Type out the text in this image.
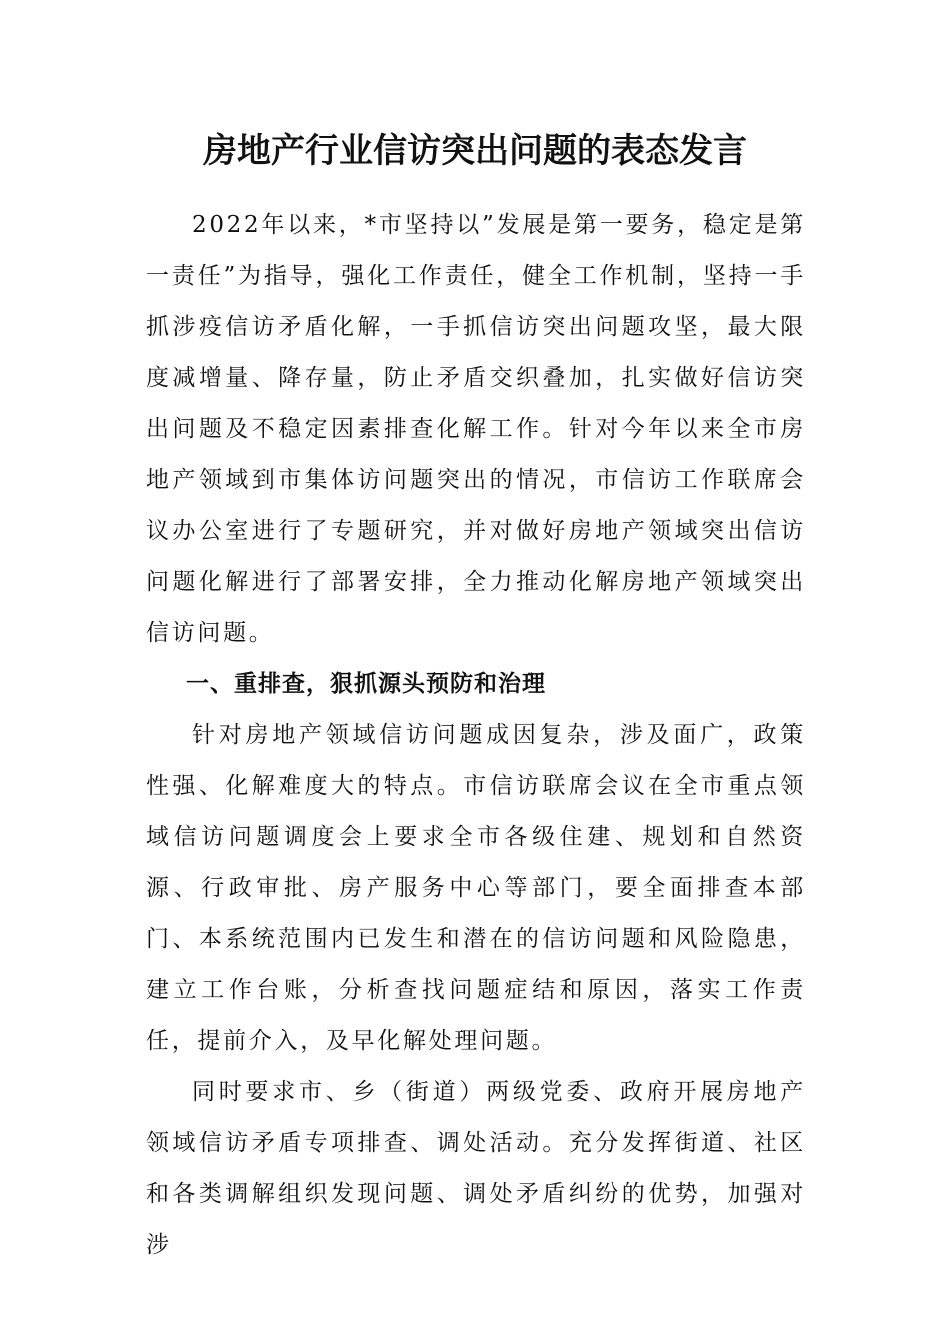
房地产行业信访突出问题的表态发言

2022年以来，*市坚持以”发展是第一要务，稳定是第一责任”为指导，强化工作责任，健全工作机制，坚持一手抓涉疫信访矛盾化解，一手抓信访突出问题攻坚，最大限度减增量、降存量，防止矛盾交织叠加，扎实做好信访突出问题及不稳定因素排查化解工作。针对今年以来全市房地产领域到市集体访问题突出的情况，市信访工作联席会议办公室进行了专题研究，并对做好房地产领域突出信访问题化解进行了部署安排，全力推动化解房地产领域突出信访问题。

一、重排查，狠抓源头预防和治理

针对房地产领域信访问题成因复杂，涉及面广，政策性强、化解难度大的特点。市信访联席会议在全市重点领域信访问题调度会上要求全市各级住建、规划和自然资源、行政审批、房产服务中心等部门，要全面排查本部门、本系统范围内已发生和潜在的信访问题和风险隐患，建立工作台账，分析查找问题症结和原因，落实工作责任，提前介入，及早化解处理问题。

同时要求市、乡（街道）两级党委、政府开展房地产领域信访矛盾专项排查、调处活动。充分发挥街道、社区和各类调解组织发现问题、调处矛盾纠纷的优势，加强对涉
